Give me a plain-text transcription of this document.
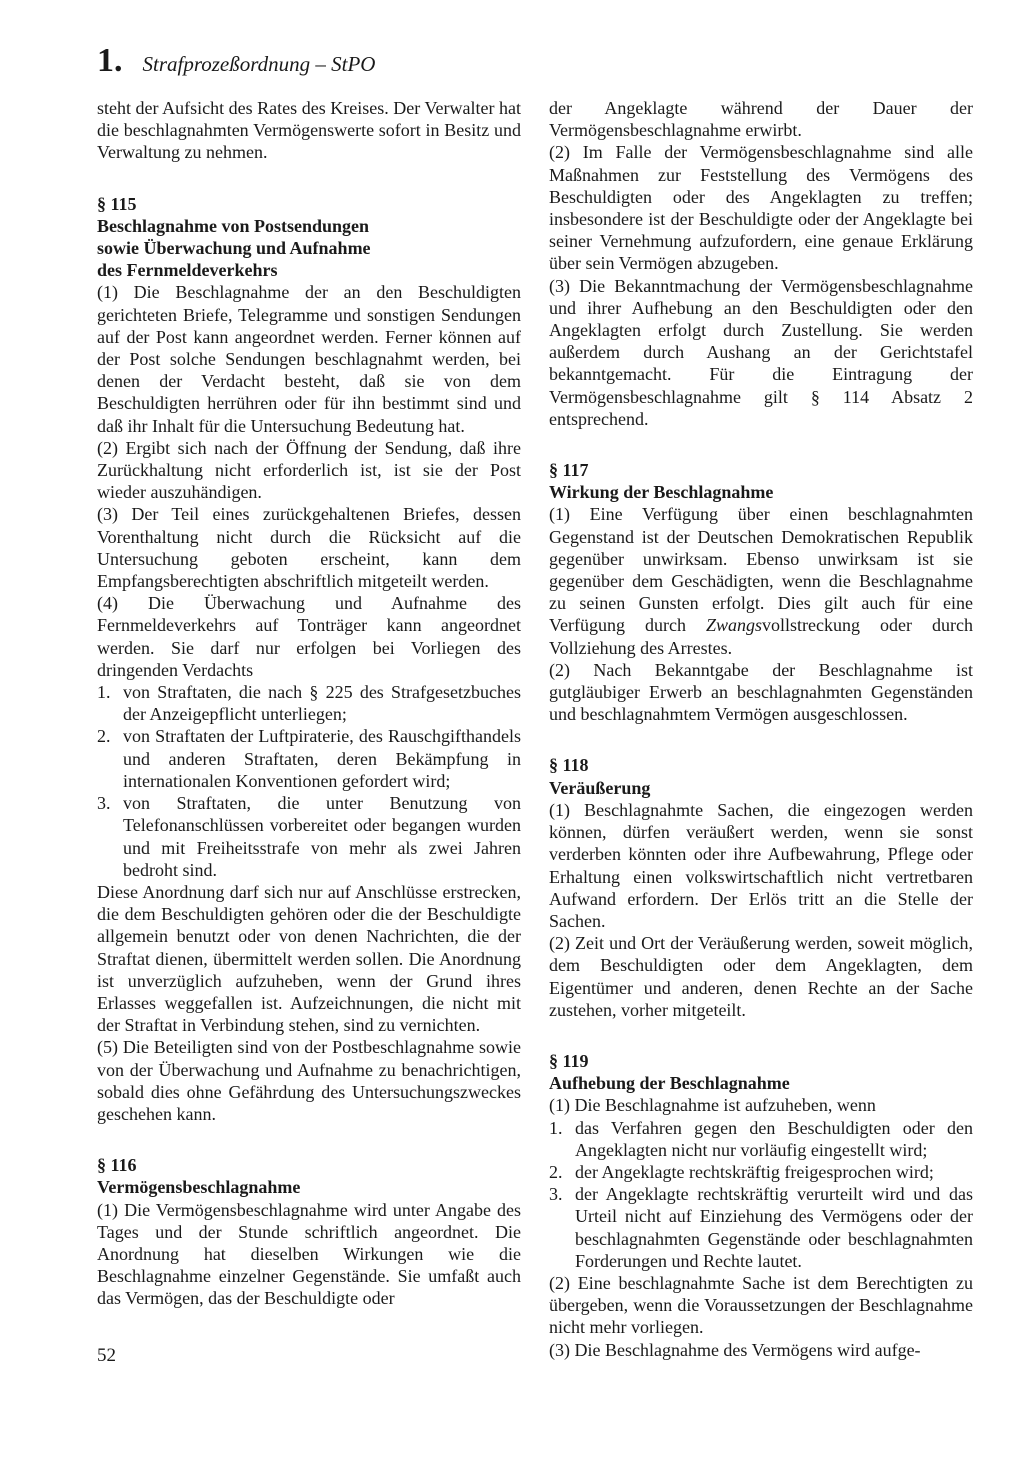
1. Strafprozeßordnung – StPO

steht der Aufsicht des Rates des Kreises. Der Verwalter hat die beschlagnahmten Vermögenswerte sofort in Besitz und Verwaltung zu nehmen.

§ 115
Beschlagnahme von Postsendungen
sowie Überwachung und Aufnahme
des Fernmeldeverkehrs

(1) Die Beschlagnahme der an den Beschuldigten gerichteten Briefe, Telegramme und sonstigen Sendungen auf der Post kann angeordnet werden. Ferner können auf der Post solche Sendungen beschlagnahmt werden, bei denen der Verdacht besteht, daß sie von dem Beschuldigten herrühren oder für ihn bestimmt sind und daß ihr Inhalt für die Untersuchung Bedeutung hat.

(2) Ergibt sich nach der Öffnung der Sendung, daß ihre Zurückhaltung nicht erforderlich ist, ist sie der Post wieder auszuhändigen.

(3) Der Teil eines zurückgehaltenen Briefes, dessen Vorenthaltung nicht durch die Rücksicht auf die Untersuchung geboten erscheint, kann dem Empfangsberechtigten abschriftlich mitgeteilt werden.

(4) Die Überwachung und Aufnahme des Fernmeldeverkehrs auf Tonträger kann angeordnet werden. Sie darf nur erfolgen bei Vorliegen des dringenden Verdachts

1. von Straftaten, die nach § 225 des Strafgesetzbuches der Anzeigepflicht unterliegen;
2. von Straftaten der Luftpiraterie, des Rauschgifthandels und anderen Straftaten, deren Bekämpfung in internationalen Konventionen gefordert wird;
3. von Straftaten, die unter Benutzung von Telefonanschlüssen vorbereitet oder begangen wurden und mit Freiheitsstrafe von mehr als zwei Jahren bedroht sind.

Diese Anordnung darf sich nur auf Anschlüsse erstrecken, die dem Beschuldigten gehören oder die der Beschuldigte allgemein benutzt oder von denen Nachrichten, die der Straftat dienen, übermittelt werden sollen. Die Anordnung ist unverzüglich aufzuheben, wenn der Grund ihres Erlasses weggefallen ist. Aufzeichnungen, die nicht mit der Straftat in Verbindung stehen, sind zu vernichten.

(5) Die Beteiligten sind von der Postbeschlagnahme sowie von der Überwachung und Aufnahme zu benachrichtigen, sobald dies ohne Gefährdung des Untersuchungszweckes geschehen kann.

§ 116
Vermögensbeschlagnahme

(1) Die Vermögensbeschlagnahme wird unter Angabe des Tages und der Stunde schriftlich angeordnet. Die Anordnung hat dieselben Wirkungen wie die Beschlagnahme einzelner Gegenstände. Sie umfaßt auch das Vermögen, das der Beschuldigte oder

der Angeklagte während der Dauer der Vermögensbeschlagnahme erwirbt.

(2) Im Falle der Vermögensbeschlagnahme sind alle Maßnahmen zur Feststellung des Vermögens des Beschuldigten oder des Angeklagten zu treffen; insbesondere ist der Beschuldigte oder der Angeklagte bei seiner Vernehmung aufzufordern, eine genaue Erklärung über sein Vermögen abzugeben.

(3) Die Bekanntmachung der Vermögensbeschlagnahme und ihrer Aufhebung an den Beschuldigten oder den Angeklagten erfolgt durch Zustellung. Sie werden außerdem durch Aushang an der Gerichtstafel bekanntgemacht. Für die Eintragung der Vermögensbeschlagnahme gilt § 114 Absatz 2 entsprechend.

§ 117
Wirkung der Beschlagnahme

(1) Eine Verfügung über einen beschlagnahmten Gegenstand ist der Deutschen Demokratischen Republik gegenüber unwirksam. Ebenso unwirksam ist sie gegenüber dem Geschädigten, wenn die Beschlagnahme zu seinen Gunsten erfolgt. Dies gilt auch für eine Verfügung durch Zwangsvollstreckung oder durch Vollziehung des Arrestes.

(2) Nach Bekanntgabe der Beschlagnahme ist gutgläubiger Erwerb an beschlagnahmten Gegenständen und beschlagnahmtem Vermögen ausgeschlossen.

§ 118
Veräußerung

(1) Beschlagnahmte Sachen, die eingezogen werden können, dürfen veräußert werden, wenn sie sonst verderben könnten oder ihre Aufbewahrung, Pflege oder Erhaltung einen volkswirtschaftlich nicht vertretbaren Aufwand erfordern. Der Erlös tritt an die Stelle der Sachen.

(2) Zeit und Ort der Veräußerung werden, soweit möglich, dem Beschuldigten oder dem Angeklagten, dem Eigentümer und anderen, denen Rechte an der Sache zustehen, vorher mitgeteilt.

§ 119
Aufhebung der Beschlagnahme

(1) Die Beschlagnahme ist aufzuheben, wenn

1. das Verfahren gegen den Beschuldigten oder den Angeklagten nicht nur vorläufig eingestellt wird;
2. der Angeklagte rechtskräftig freigesprochen wird;
3. der Angeklagte rechtskräftig verurteilt wird und das Urteil nicht auf Einziehung des Vermögens oder der beschlagnahmten Gegenstände oder beschlagnahmten Forderungen und Rechte lautet.

(2) Eine beschlagnahmte Sache ist dem Berechtigten zu übergeben, wenn die Voraussetzungen der Beschlagnahme nicht mehr vorliegen.

(3) Die Beschlagnahme des Vermögens wird aufge-

52
